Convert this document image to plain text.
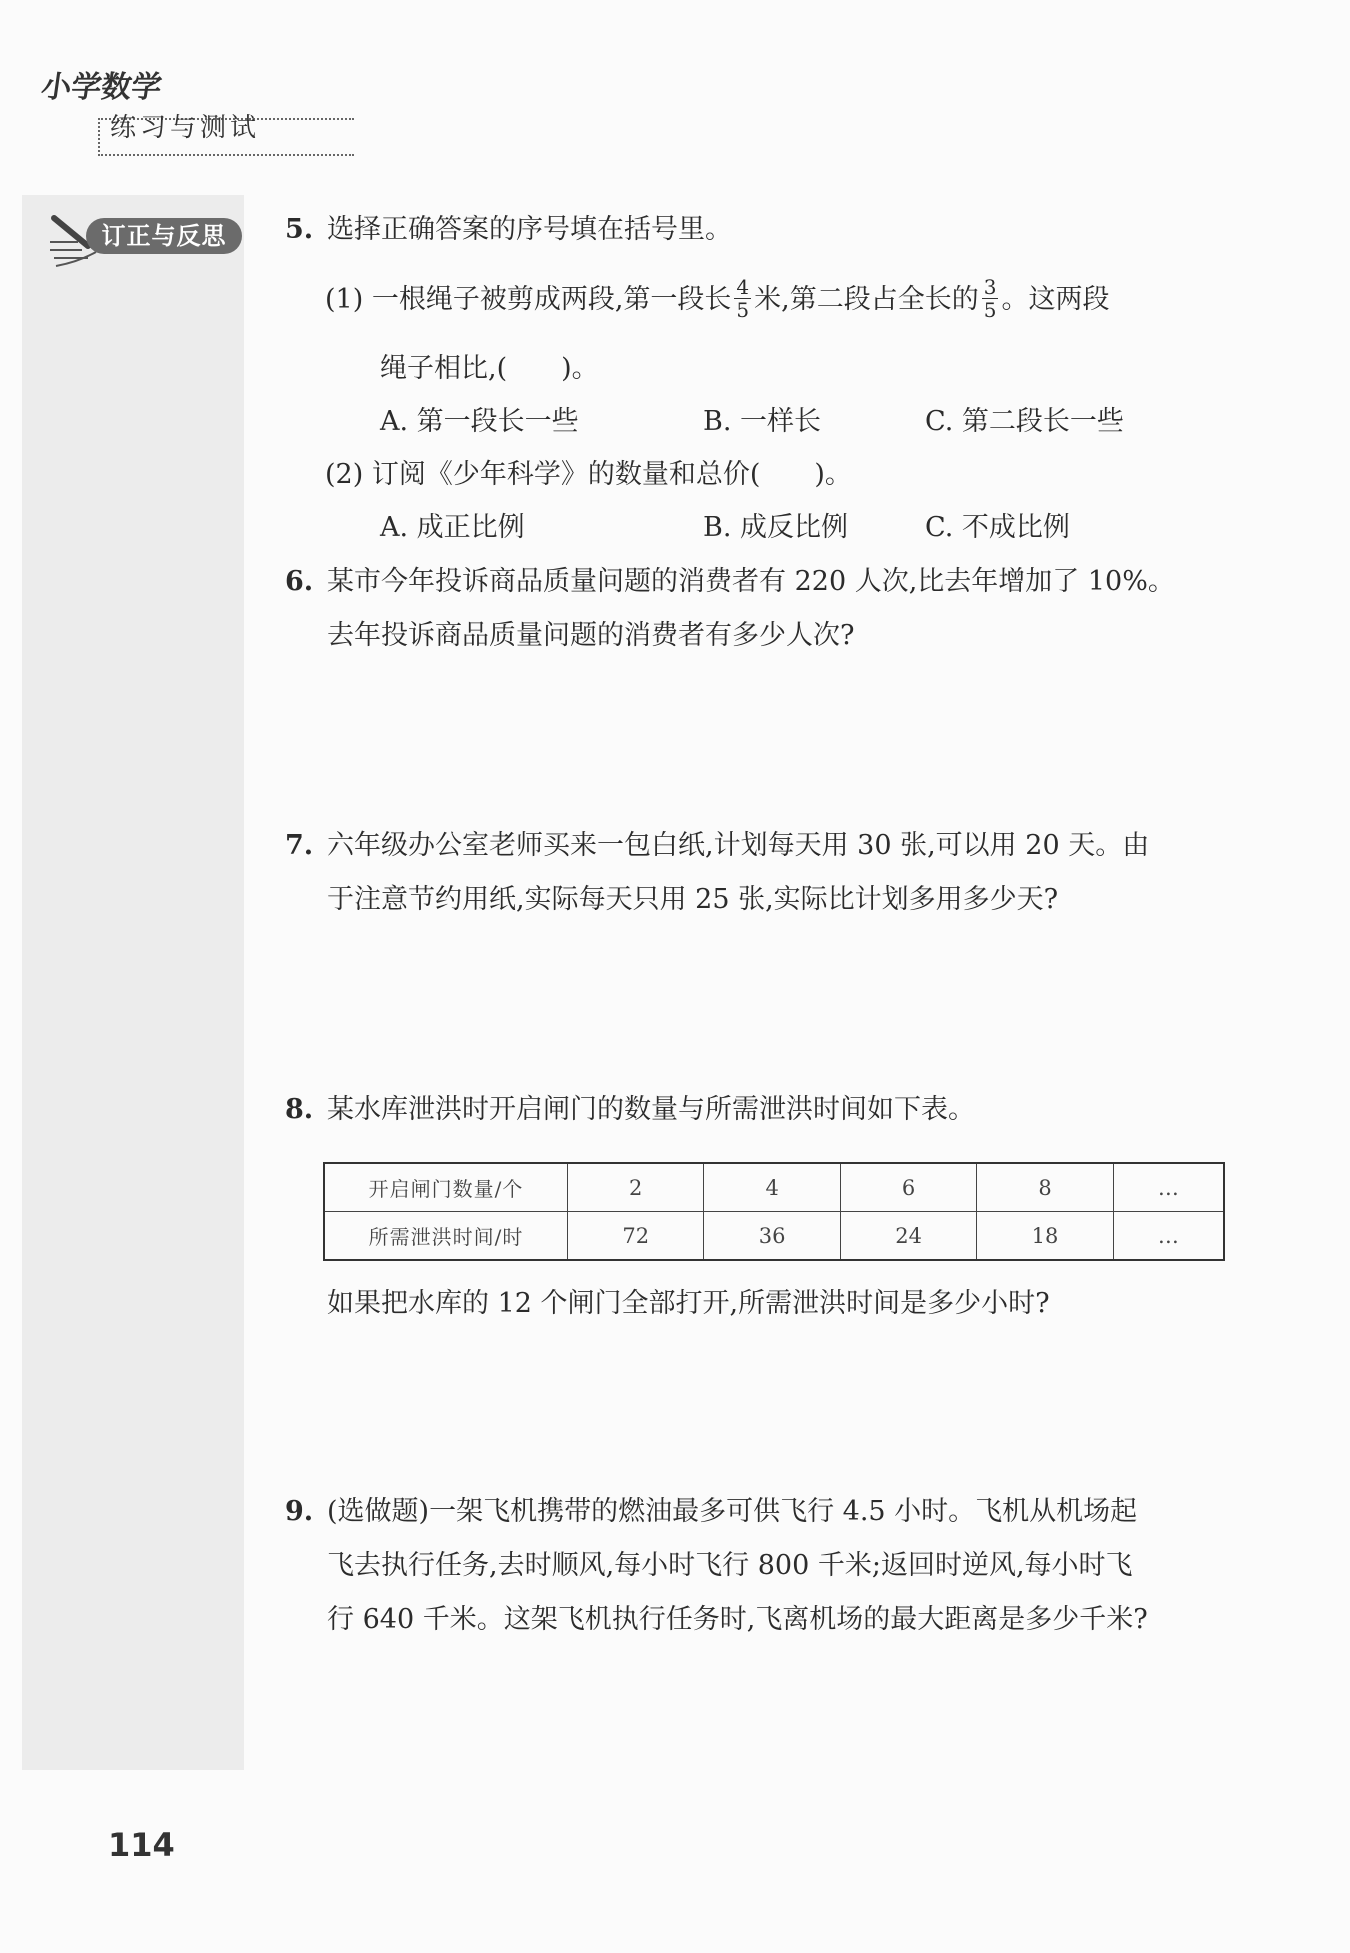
小学数学
练习与测试
订正与反思	5. 选择正确答案的序号填在括号里。
(1) 一根绳子被剪成两段,第一段长 $\frac{4}{5}$ 米,第二段占全长的 $\frac{3}{5}$ 。这两段
绳子相比,(　　)。
A. 第一段长一些	B. 一样长	C. 第二段长一些
(2) 订阅《少年科学》的数量和总价(　　)。
A. 成正比例	B. 成反比例	C. 不成比例
6. 某市今年投诉商品质量问题的消费者有 220 人次,比去年增加了 10%。
去年投诉商品质量问题的消费者有多少人次?
7. 六年级办公室老师买来一包白纸,计划每天用 30 张,可以用 20 天。由
于注意节约用纸,实际每天只用 25 张,实际比计划多用多少天?
8. 某水库泄洪时开启闸门的数量与所需泄洪时间如下表。
如果把水库的 12 个闸门全部打开,所需泄洪时间是多少小时?
9. (选做题)一架飞机携带的燃油最多可供飞行 4.5 小时。飞机从机场起
飞去执行任务,去时顺风,每小时飞行 800 千米;返回时逆风,每小时飞
行 640 千米。这架飞机执行任务时,飞离机场的最大距离是多少千米?
开启闸门数量/个	2	4	6	8	…
所需泄洪时间/时	72	36	24	18	…
114
